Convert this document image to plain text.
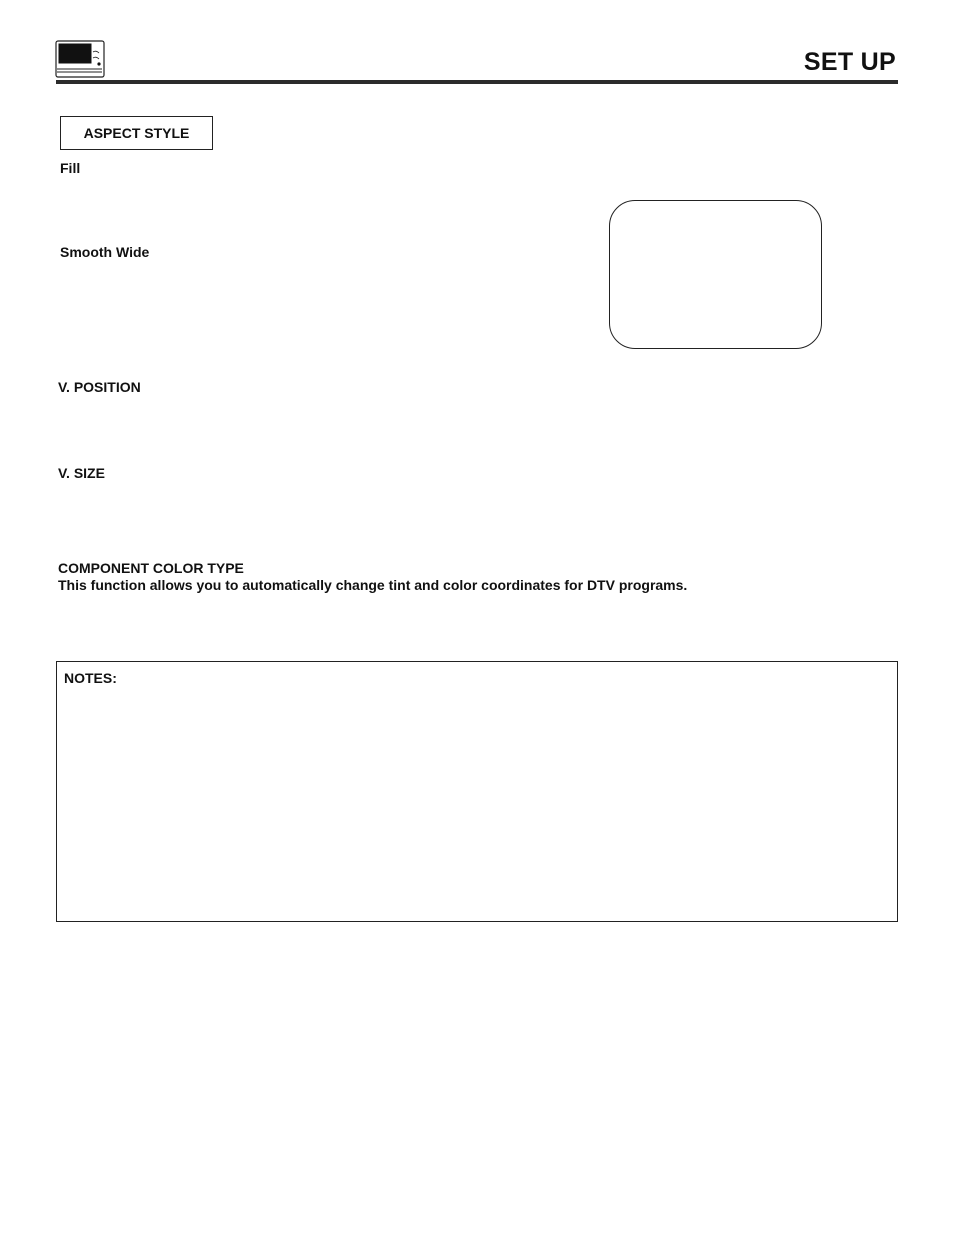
SET UP
ASPECT STYLE
Fill
Smooth Wide
V. POSITION
V. SIZE
COMPONENT COLOR TYPE
This function allows you to automatically change tint and color coordinates for DTV programs.
NOTES:
